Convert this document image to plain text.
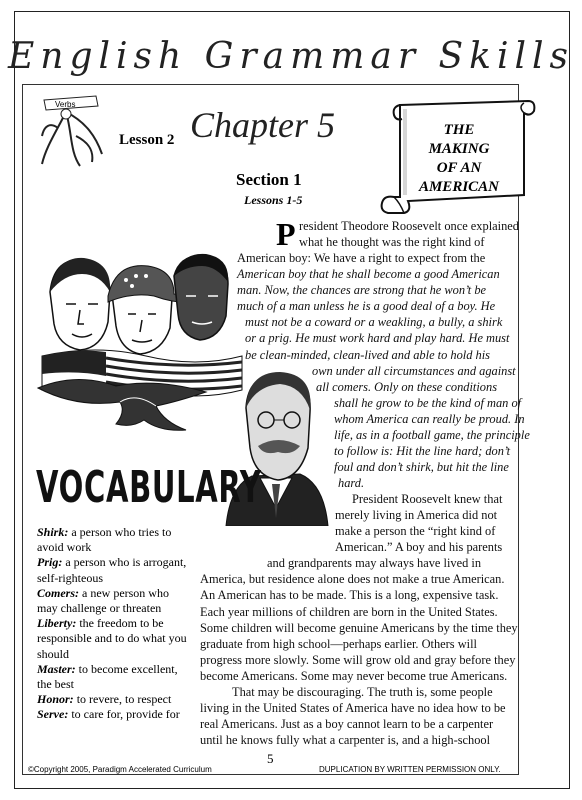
English Grammar Skills
Verbs
Lesson 2 Chapter 5
Section 1
Lessons 1-5
THE
MAKING
OF AN
AMERICAN
P resident Theodore Roosevelt once explained
what he thought was the right kind of
American boy: We have a right to expect from the
American boy that he shall become a good American
man. Now, the chances are strong that he won’t be
much of a man unless he is a good deal of a boy. He
must not be a coward or a weakling, a bully, a shirk
or a prig. He must work hard and play hard. He must
be clean-minded, clean-lived and able to hold his
own under all circumstances and against
all comers. Only on these conditions
shall he grow to be the kind of man of
whom America can really be proud. In
life, as in a football game, the principle
to follow is: Hit the line hard; don’t
foul and don’t shirk, but hit the line
hard.
President Roosevelt knew that
merely living in America did not
make a person the “right kind of
American.” A boy and his parents
and grandparents may always have lived in
America, but residence alone does not make a true American.
An American has to be made. This is a long, expensive task.
Each year millions of children are born in the United States.
Some children will become genuine Americans by the time they
graduate from high school—perhaps earlier. Others will
progress more slowly. Some will grow old and gray before they
become Americans. Some may never become true Americans.
That may be discouraging. The truth is, some people
living in the United States of America have no idea how to be
real Americans. Just as a boy cannot learn to be a carpenter
until he knows fully what a carpenter is, and a high-school
VOCABULARY

Shirk: a person who tries to avoid work

Prig: a person who is arrogant, self-righteous

Comers: a new person who may challenge or threaten

Liberty: the freedom to be responsible and to do what you should

Master: to become excellent, the best

Honor: to revere, to respect

Serve: to care for, provide for

5
©Copyright 2005, Paradigm Accelerated Curriculum	DUPLICATION BY WRITTEN PERMISSION ONLY.
